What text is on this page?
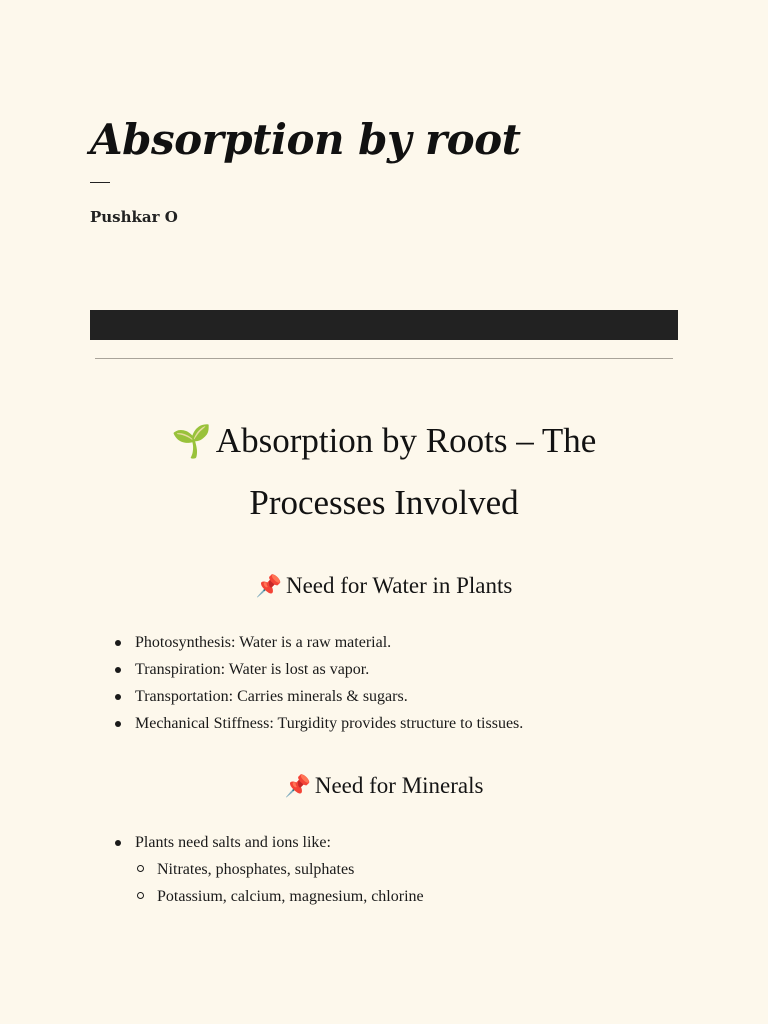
Absorption by root
Pushkar O
🌱 Absorption by Roots – The Processes Involved
📌 Need for Water in Plants
Photosynthesis: Water is a raw material.
Transpiration: Water is lost as vapor.
Transportation: Carries minerals & sugars.
Mechanical Stiffness: Turgidity provides structure to tissues.
📌 Need for Minerals
Plants need salts and ions like:
Nitrates, phosphates, sulphates
Potassium, calcium, magnesium, chlorine
